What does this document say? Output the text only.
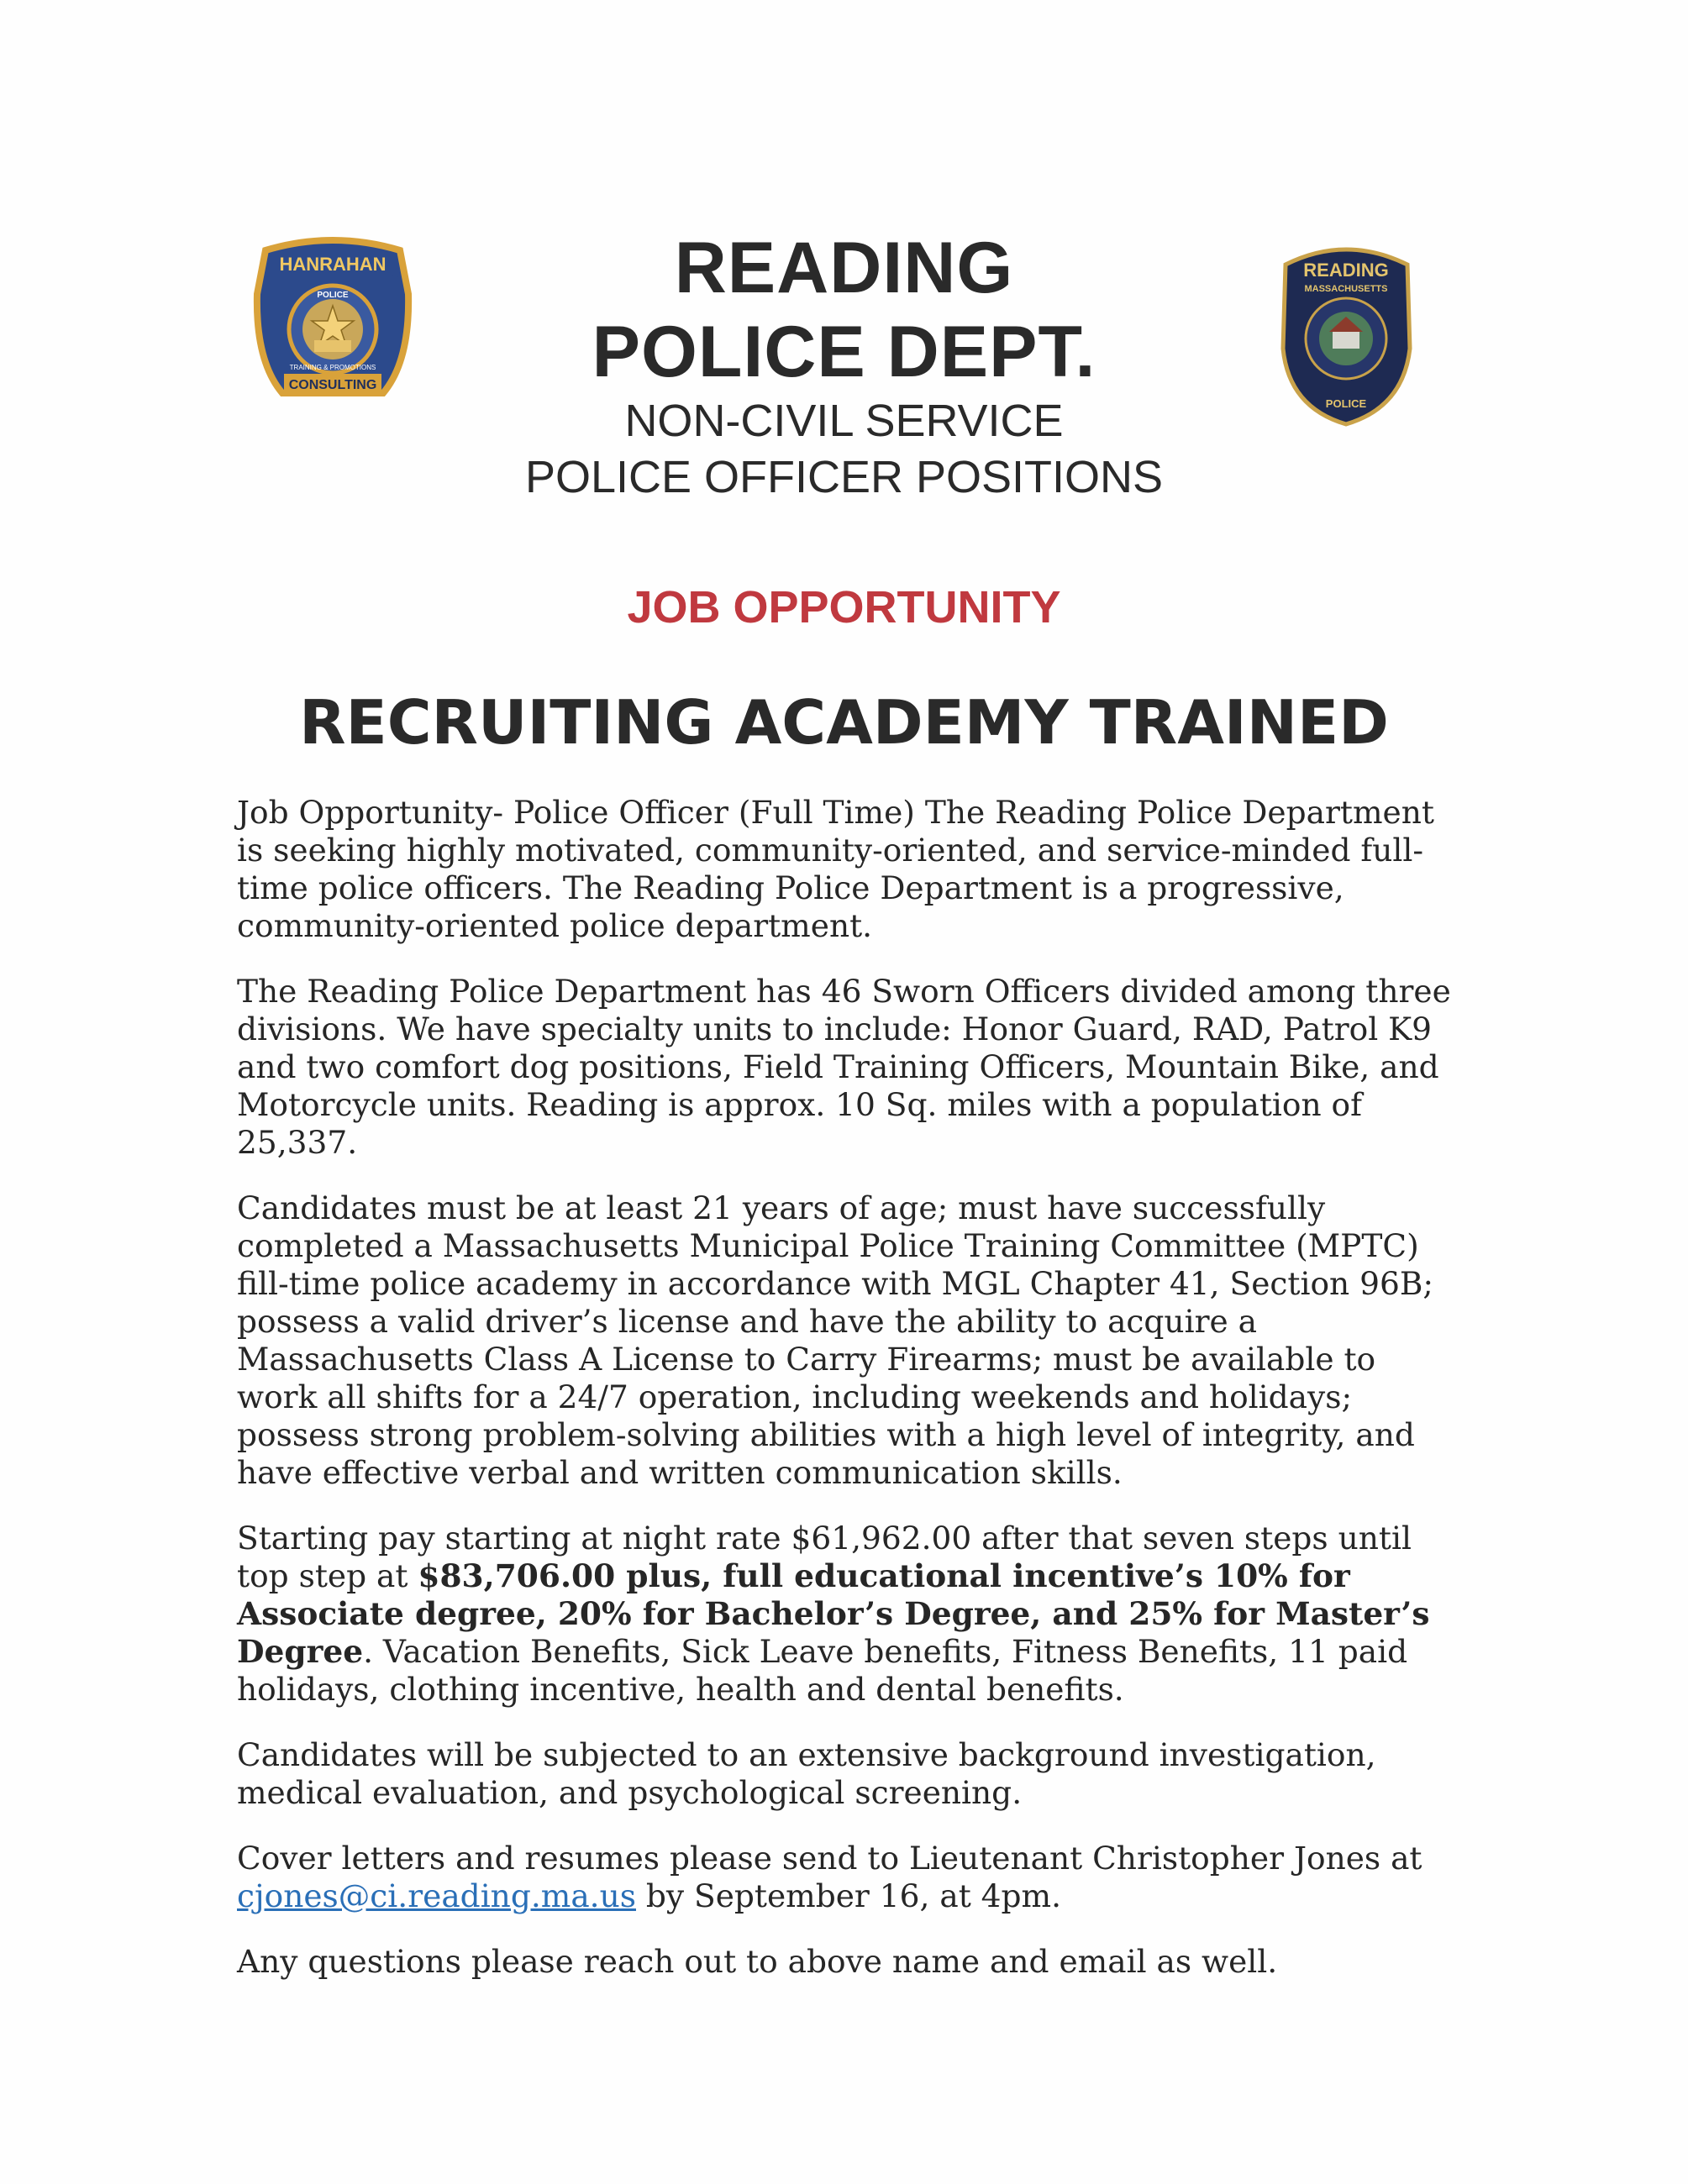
HANRAHAN
POLICE
TRAINING & PROMOTIONS
CONSULTING
READING
POLICE DEPT.
NON-CIVIL SERVICE
POLICE OFFICER POSITIONS
READING
MASSACHUSETTS
POLICE
JOB OPPORTUNITY
RECRUITING ACADEMY TRAINED

Job Opportunity- Police Officer (Full Time) The Reading Police Department is seeking highly motivated, community-oriented, and service-minded full-time police officers. The Reading Police Department is a progressive, community-oriented police department.

The Reading Police Department has 46 Sworn Officers divided among three divisions. We have specialty units to include: Honor Guard, RAD, Patrol K9 and two comfort dog positions, Field Training Officers, Mountain Bike, and Motorcycle units. Reading is approx. 10 Sq. miles with a population of 25,337.

Candidates must be at least 21 years of age; must have successfully completed a Massachusetts Municipal Police Training Committee (MPTC) fill-time police academy in accordance with MGL Chapter 41, Section 96B; possess a valid driver’s license and have the ability to acquire a Massachusetts Class A License to Carry Firearms; must be available to work all shifts for a 24/7 operation, including weekends and holidays; possess strong problem-solving abilities with a high level of integrity, and have effective verbal and written communication skills.

Starting pay starting at night rate $61,962.00 after that seven steps until top step at $83,706.00 plus, full educational incentive’s 10% for Associate degree, 20% for Bachelor’s Degree, and 25% for Master’s Degree. Vacation Benefits, Sick Leave benefits, Fitness Benefits, 11 paid holidays, clothing incentive, health and dental benefits.

Candidates will be subjected to an extensive background investigation, medical evaluation, and psychological screening.

Cover letters and resumes please send to Lieutenant Christopher Jones at cjones@ci.reading.ma.us by September 16, at 4pm.

Any questions please reach out to above name and email as well.
